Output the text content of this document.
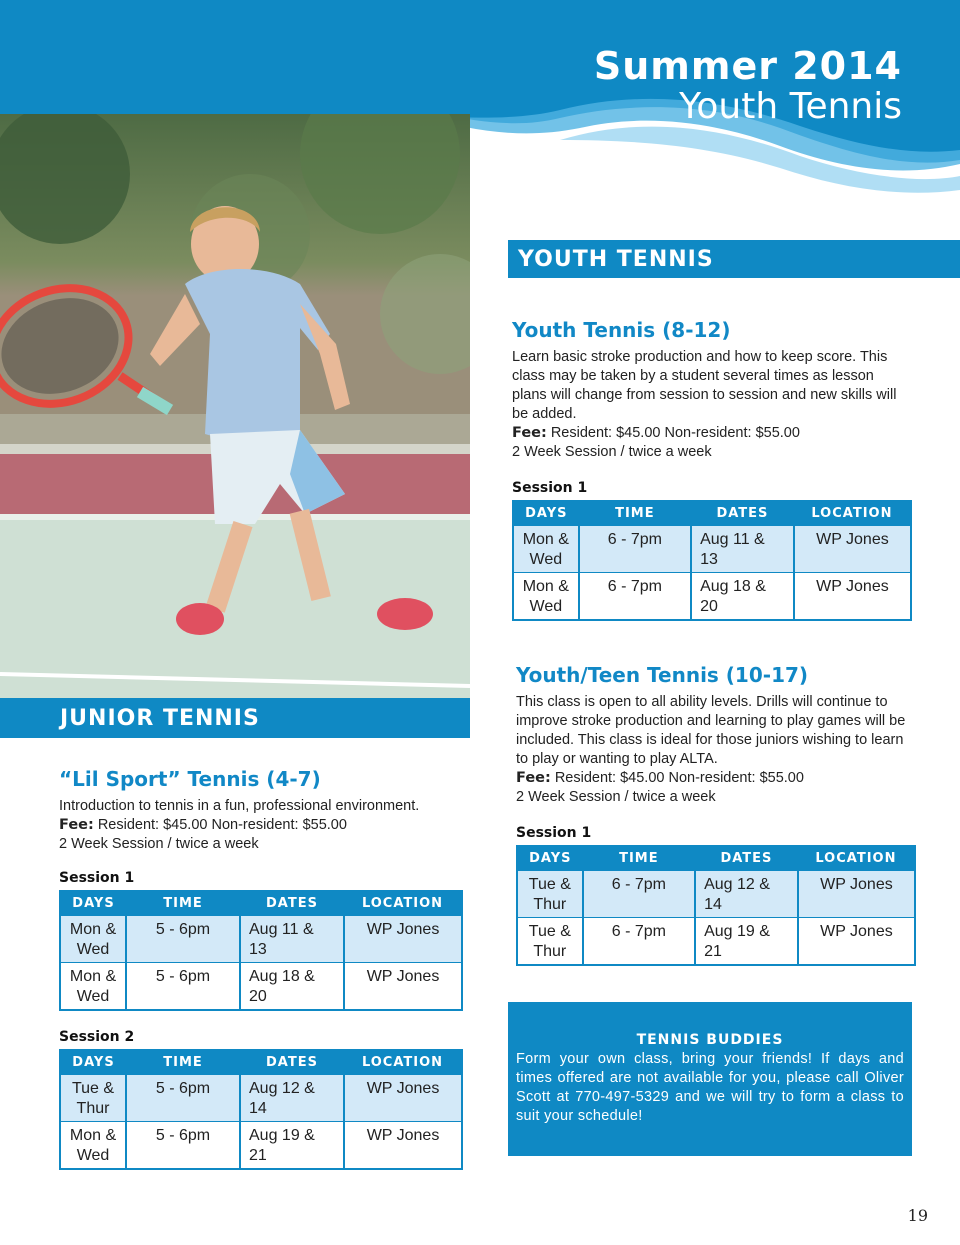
Summer 2014
Youth Tennis
YOUTH TENNIS
Youth Tennis (8-12)
Learn basic stroke production and how to keep score. This class may be taken by a student several times as lesson plans will change from session to session and new skills will be added.
Fee: Resident: $45.00 Non-resident: $55.00
2 Week Session / twice a week
Session 1
DAYS	TIME	DATES	LOCATION
Mon & Wed	6 - 7pm	Aug 11 & 13	WP Jones
Mon & Wed	6 - 7pm	Aug 18 & 20	WP Jones
Youth/Teen Tennis (10-17)
This class is open to all ability levels. Drills will continue to improve stroke production and learning to play games will be included. This class is ideal for those juniors wishing to learn to play or wanting to play ALTA.
Fee: Resident: $45.00 Non-resident: $55.00
2 Week Session / twice a week
Session 1
DAYS	TIME	DATES	LOCATION
Tue & Thur	6 - 7pm	Aug 12 & 14	WP Jones
Tue & Thur	6 - 7pm	Aug 19 & 21	WP Jones
JUNIOR TENNIS
“Lil Sport” Tennis (4-7)
Introduction to tennis in a fun, professional environment.
Fee: Resident: $45.00 Non-resident: $55.00
2 Week Session / twice a week
Session 1
DAYS	TIME	DATES	LOCATION
Mon & Wed	5 - 6pm	Aug 11 & 13	WP Jones
Mon & Wed	5 - 6pm	Aug 18 & 20	WP Jones
Session 2
DAYS	TIME	DATES	LOCATION
Tue & Thur	5 - 6pm	Aug 12 & 14	WP Jones
Mon & Wed	5 - 6pm	Aug 19 & 21	WP Jones
TENNIS BUDDIES
Form your own class, bring your friends! If days and times offered are not available for you, please call Oliver Scott at 770-497-5329 and we will try to form a class to suit your schedule!
19
